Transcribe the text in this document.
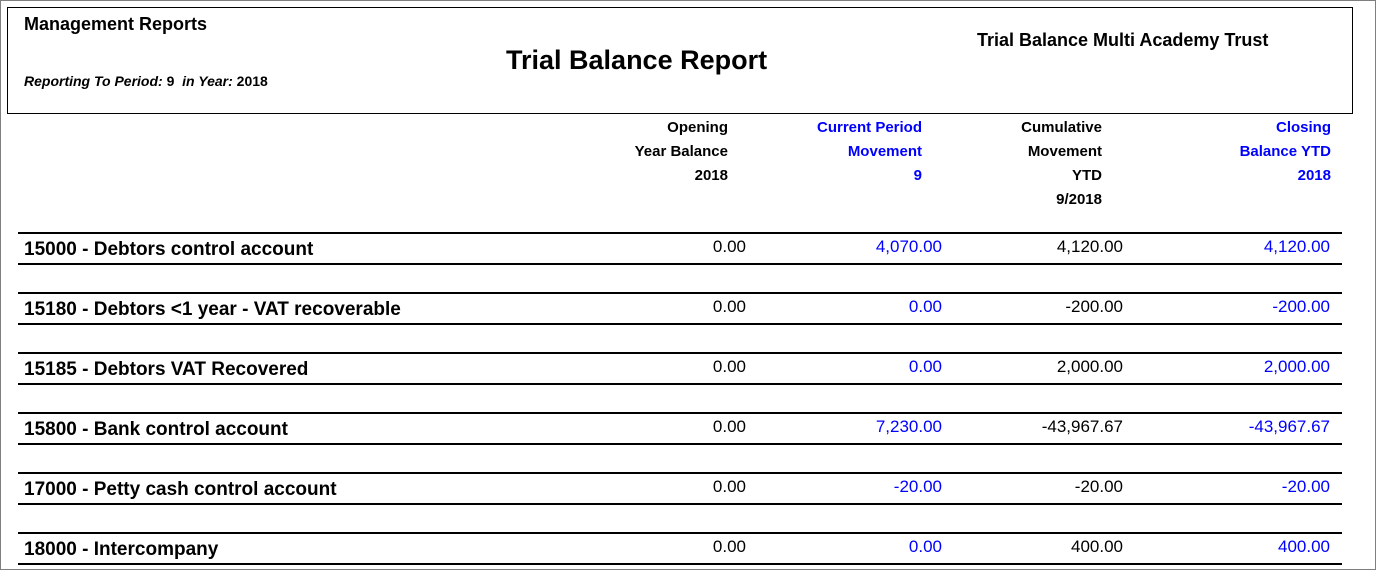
Management Reports
Reporting To Period: 9 in Year: 2018
Trial Balance Report
Trial Balance Multi Academy Trust
Opening
Year Balance
2018
Current Period
Movement
9
Cumulative
Movement
YTD
9/2018
Closing
Balance YTD
2018
15000 - Debtors control account	0.00	4,070.00	4,120.00	4,120.00
15180 - Debtors <1 year - VAT recoverable	0.00	0.00	-200.00	-200.00
15185 - Debtors VAT Recovered	0.00	0.00	2,000.00	2,000.00
15800 - Bank control account	0.00	7,230.00	-43,967.67	-43,967.67
17000 - Petty cash control account	0.00	-20.00	-20.00	-20.00
18000 - Intercompany	0.00	0.00	400.00	400.00
